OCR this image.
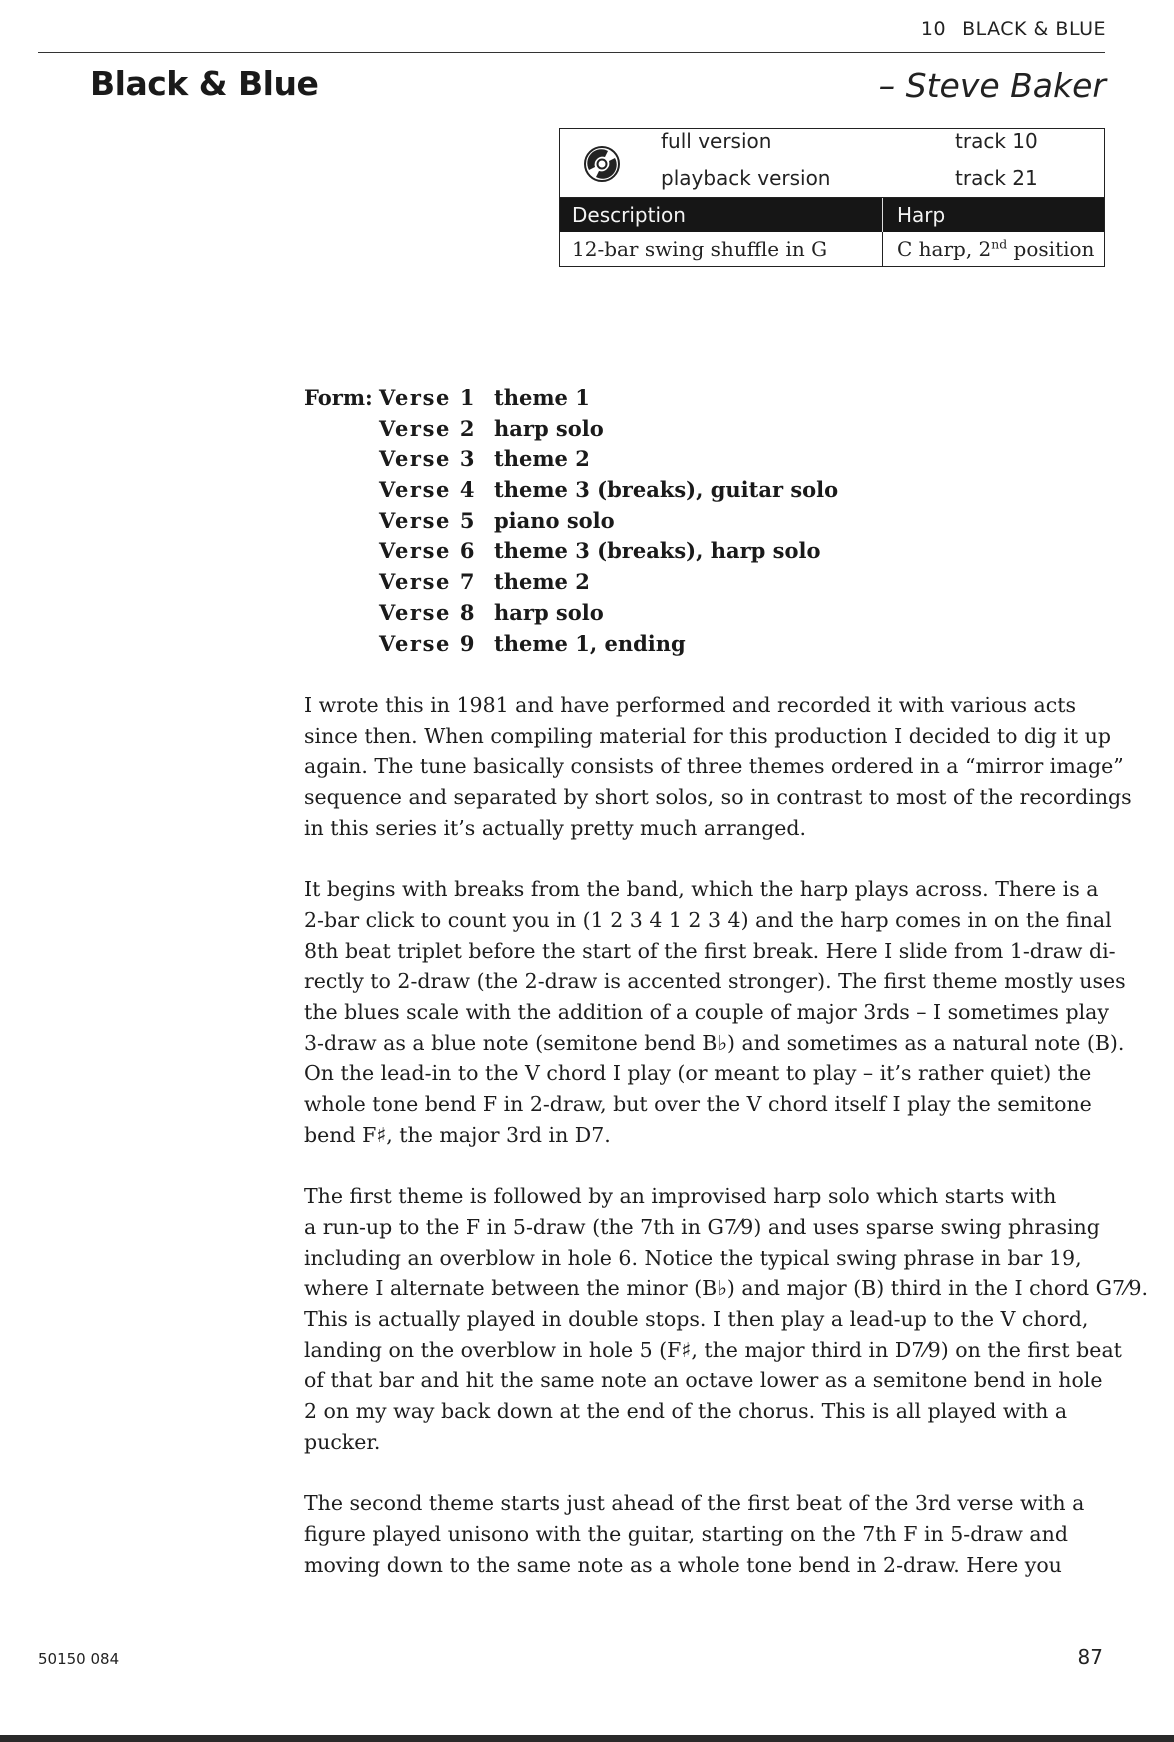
10 BLACK & BLUE
Black & Blue	– Steve Baker
full version	track 10
playback version	track 21
Description	Harp
12-bar swing shuffle in G	C harp, 2nd position
Form: Verse 1 theme 1
Verse 2 harp solo
Verse 3 theme 2
Verse 4 theme 3 (breaks), guitar solo
Verse 5 piano solo
Verse 6 theme 3 (breaks), harp solo
Verse 7 theme 2
Verse 8 harp solo
Verse 9 theme 1, ending

I wrote this in 1981 and have performed and recorded it with various acts
since then. When compiling material for this production I decided to dig it up
again. The tune basically consists of three themes ordered in a “mirror image”
sequence and separated by short solos, so in contrast to most of the recordings
in this series it’s actually pretty much arranged.

It begins with breaks from the band, which the harp plays across. There is a
2-bar click to count you in (1 2 3 4 1 2 3 4) and the harp comes in on the final
8th beat triplet before the start of the first break. Here I slide from 1-draw di-
rectly to 2-draw (the 2-draw is accented stronger). The first theme mostly uses
the blues scale with the addition of a couple of major 3rds – I sometimes play
3-draw as a blue note (semitone bend B♭) and sometimes as a natural note (B).
On the lead-in to the V chord I play (or meant to play – it’s rather quiet) the
whole tone bend F in 2-draw, but over the V chord itself I play the semitone
bend F♯, the major 3rd in D7.

The first theme is followed by an improvised harp solo which starts with
a run-up to the F in 5-draw (the 7th in G7⁄9) and uses sparse swing phrasing
including an overblow in hole 6. Notice the typical swing phrase in bar 19,
where I alternate between the minor (B♭) and major (B) third in the I chord G7⁄9.
This is actually played in double stops. I then play a lead-up to the V chord,
landing on the overblow in hole 5 (F♯, the major third in D7⁄9) on the first beat
of that bar and hit the same note an octave lower as a semitone bend in hole
2 on my way back down at the end of the chorus. This is all played with a
pucker.

The second theme starts just ahead of the first beat of the 3rd verse with a
figure played unisono with the guitar, starting on the 7th F in 5-draw and
moving down to the same note as a whole tone bend in 2-draw. Here you

50150 084	87
